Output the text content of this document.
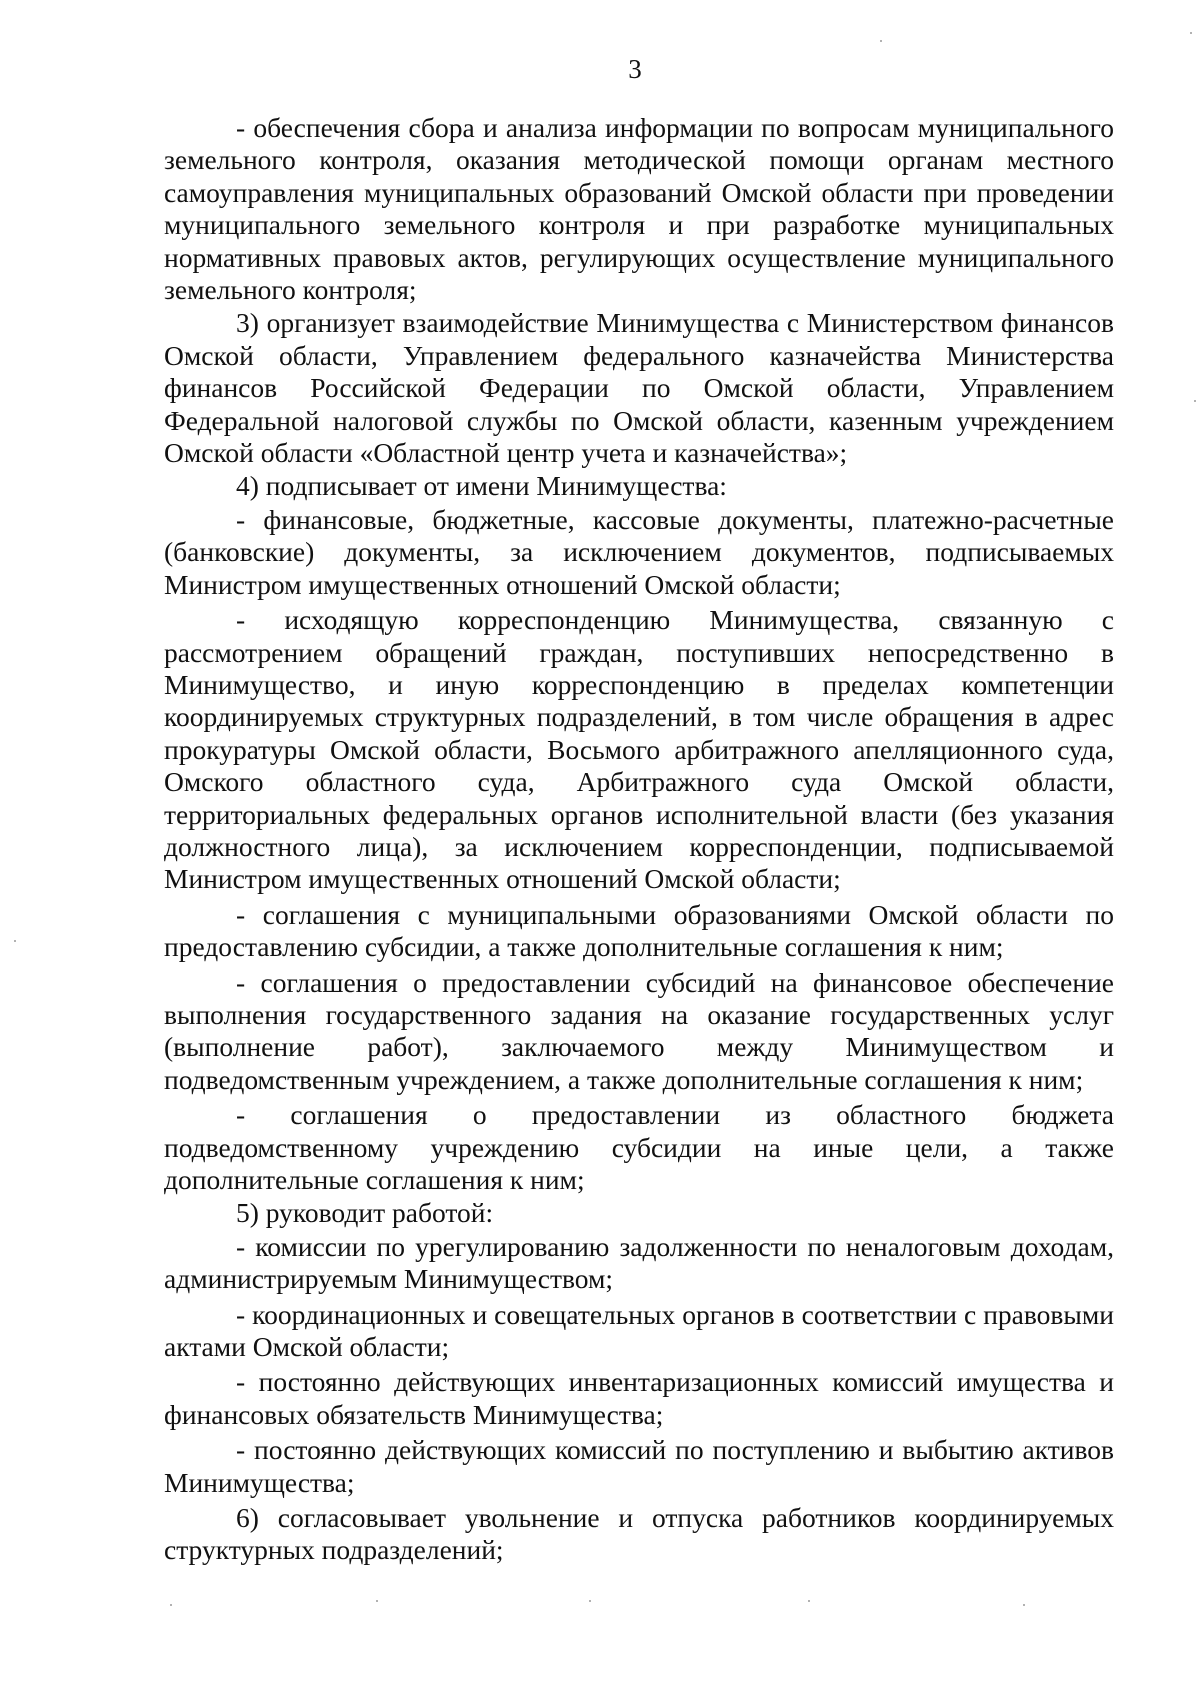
3

- обеспечения сбора и анализа информации по вопросам муниципального земельного контроля, оказания методической помощи органам местного самоуправления муниципальных образований Омской области при проведении муниципального земельного контроля и при разработке муниципальных нормативных правовых актов, регулирующих осуществление муниципального земельного контроля;

3) организует взаимодействие Минимущества с Министерством финансов Омской области, Управлением федерального казначейства Министерства финансов Российской Федерации по Омской области, Управлением Федеральной налоговой службы по Омской области, казенным учреждением Омской области «Областной центр учета и казначейства»;

4) подписывает от имени Минимущества:

- финансовые, бюджетные, кассовые документы, платежно-расчетные (банковские) документы, за исключением документов, подписываемых Министром имущественных отношений Омской области;

- исходящую корреспонденцию Минимущества, связанную с рассмотрением обращений граждан, поступивших непосредственно в Минимущество, и иную корреспонденцию в пределах компетенции координируемых структурных подразделений, в том числе обращения в адрес прокуратуры Омской области, Восьмого арбитражного апелляционного суда, Омского областного суда, Арбитражного суда Омской области, территориальных федеральных органов исполнительной власти (без указания должностного лица), за исключением корреспонденции, подписываемой Министром имущественных отношений Омской области;

- соглашения с муниципальными образованиями Омской области по предоставлению субсидии, а также дополнительные соглашения к ним;

- соглашения о предоставлении субсидий на финансовое обеспечение выполнения государственного задания на оказание государственных услуг (выполнение работ), заключаемого между Минимуществом и подведомственным учреждением, а также дополнительные соглашения к ним;

- соглашения о предоставлении из областного бюджета подведомственному учреждению субсидии на иные цели, а также дополнительные соглашения к ним;

5) руководит работой:

- комиссии по урегулированию задолженности по неналоговым доходам, администрируемым Минимуществом;

- координационных и совещательных органов в соответствии с правовыми актами Омской области;

- постоянно действующих инвентаризационных комиссий имущества и финансовых обязательств Минимущества;

- постоянно действующих комиссий по поступлению и выбытию активов Минимущества;

6) согласовывает увольнение и отпуска работников координируемых структурных подразделений;
